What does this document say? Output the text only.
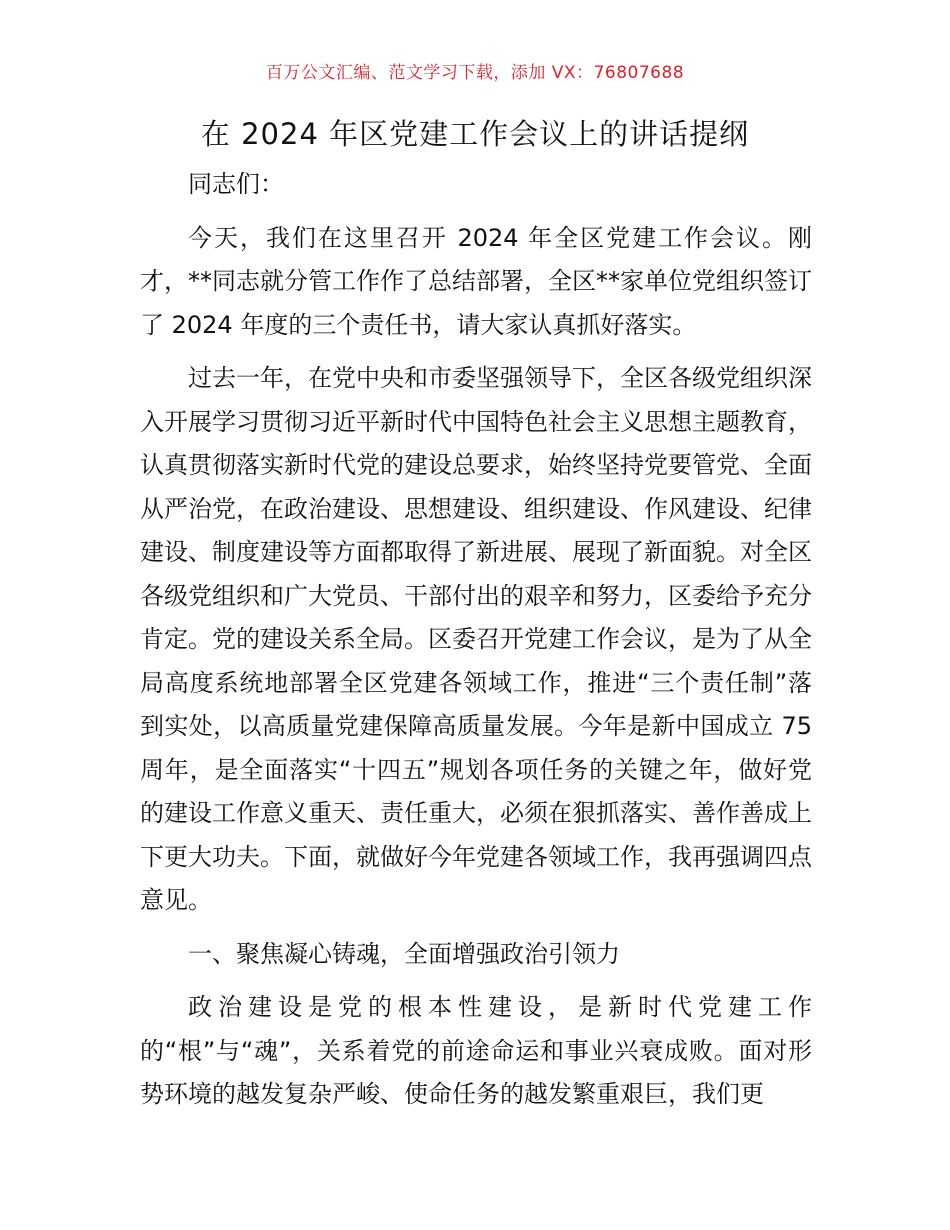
百万公文汇编、范文学习下载，添加 VX：76807688
在 2024 年区党建工作会议上的讲话提纲

同志们：

今天，我们在这里召开 2024 年全区党建工作会议。刚才，**同志就分管工作作了总结部署，全区**家单位党组织签订了 2024 年度的三个责任书，请大家认真抓好落实。

过去一年，在党中央和市委坚强领导下，全区各级党组织深入开展学习贯彻习近平新时代中国特色社会主义思想主题教育，认真贯彻落实新时代党的建设总要求，始终坚持党要管党、全面从严治党，在政治建设、思想建设、组织建设、作风建设、纪律建设、制度建设等方面都取得了新进展、展现了新面貌。对全区各级党组织和广大党员、干部付出的艰辛和努力，区委给予充分肯定。党的建设关系全局。区委召开党建工作会议，是为了从全局高度系统地部署全区党建各领域工作，推进“三个责任制”落到实处，以高质量党建保障高质量发展。今年是新中国成立 75 周年，是全面落实“十四五”规划各项任务的关键之年，做好党的建设工作意义重天、责任重大，必须在狠抓落实、善作善成上下更大功夫。下面，就做好今年党建各领域工作，我再强调四点意见。

一、聚焦凝心铸魂，全面增强政治引领力

政治建设是党的根本性建设，是新时代党建工作的“根”与“魂”，关系着党的前途命运和事业兴衰成败。面对形势环境的越发复杂严峻、使命任务的越发繁重艰巨，我们更
